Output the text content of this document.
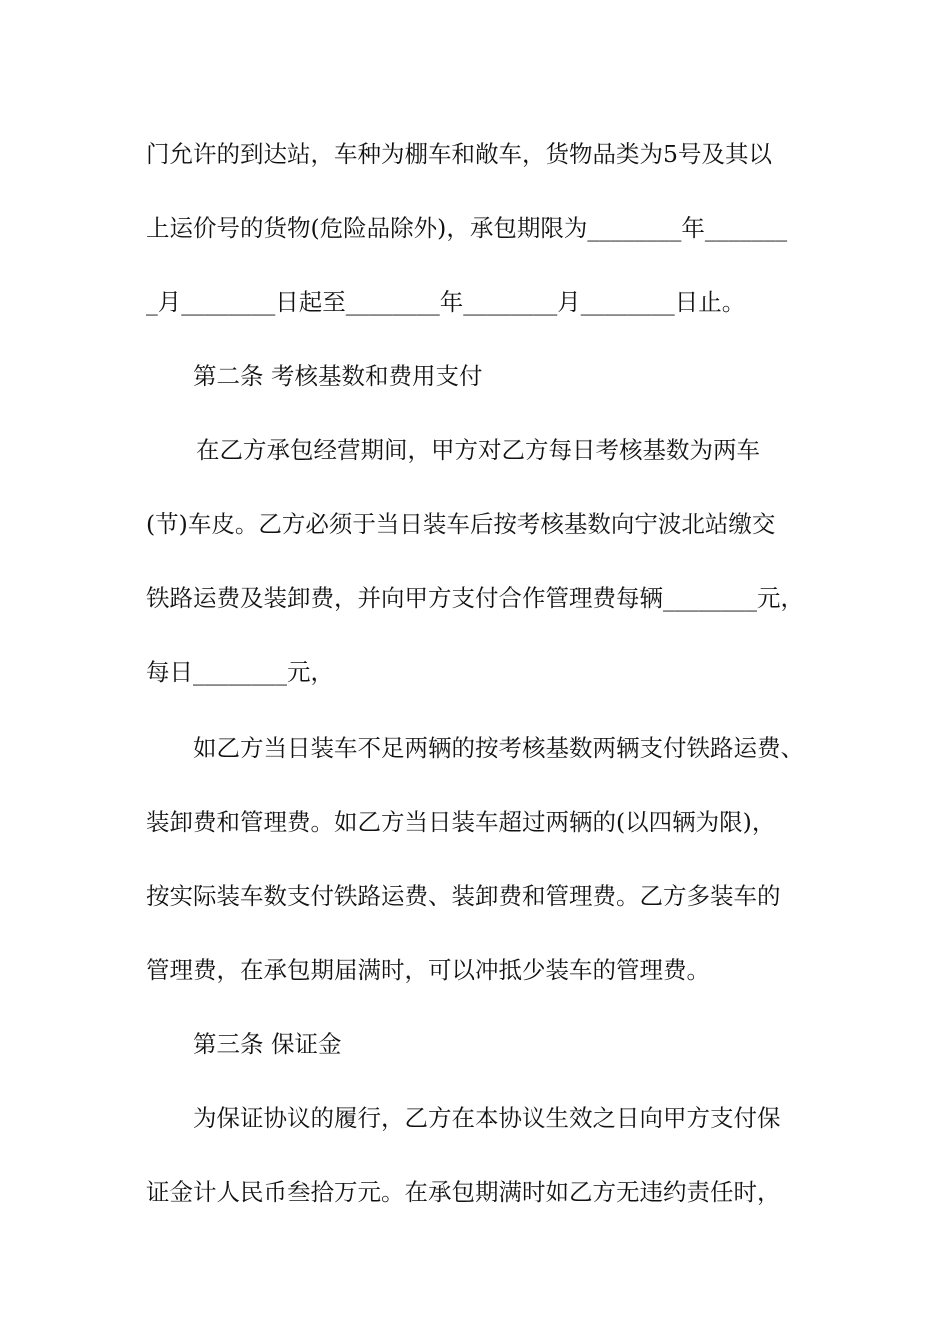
门允许的到达站，车种为棚车和敞车，货物品类为5号及其以
上运价号的货物(危险品除外)，承包期限为________年_______
_月________日起至________年________月________日止。
第二条 考核基数和费用支付
在乙方承包经营期间，甲方对乙方每日考核基数为两车
(节)车皮。乙方必须于当日装车后按考核基数向宁波北站缴交
铁路运费及装卸费，并向甲方支付合作管理费每辆________元，
每日________元，
如乙方当日装车不足两辆的按考核基数两辆支付铁路运费、
装卸费和管理费。如乙方当日装车超过两辆的(以四辆为限)，
按实际装车数支付铁路运费、装卸费和管理费。乙方多装车的
管理费，在承包期届满时，可以冲抵少装车的管理费。
第三条 保证金
为保证协议的履行，乙方在本协议生效之日向甲方支付保
证金计人民币叁拾万元。在承包期满时如乙方无违约责任时，
